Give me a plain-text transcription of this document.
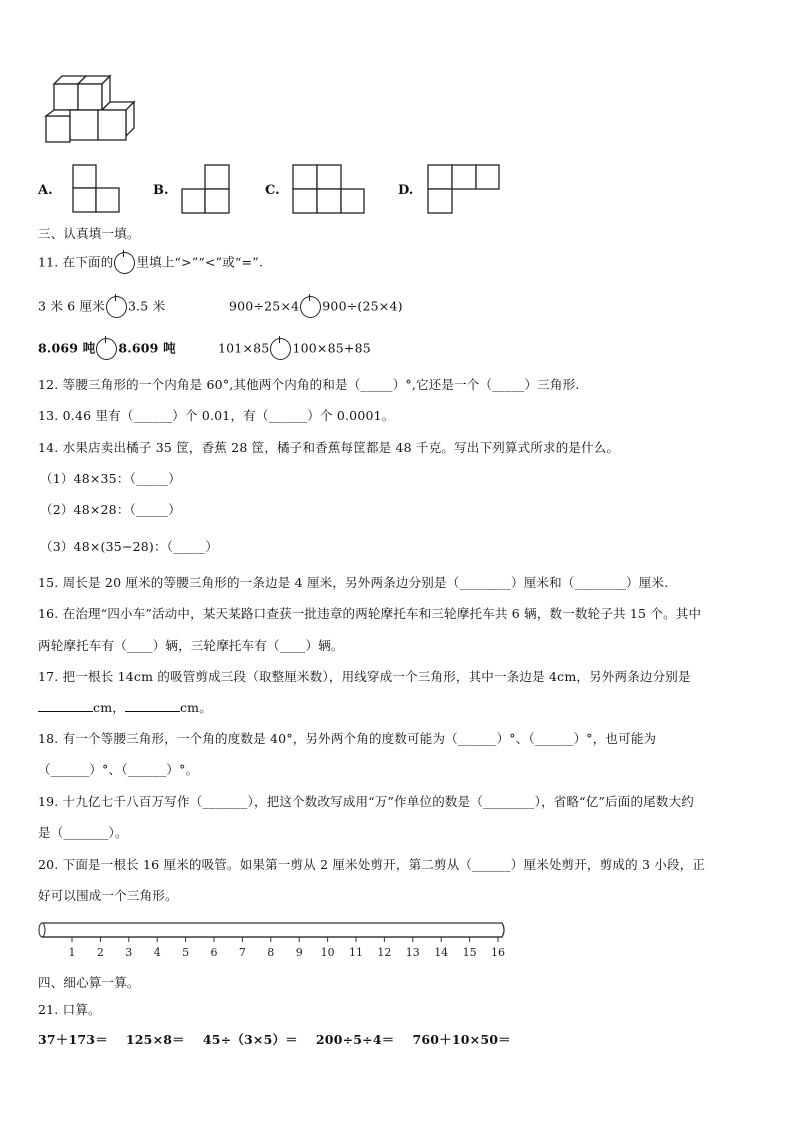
A.	B.	C.	D.
三、认真填一填。
11. 在下面的 里填上“>”“<”或“=”.
3 米 6 厘米 3.5 米	900÷25×4 900÷(25×4)
8.069 吨 8.609 吨	101×85 100×85+85
12. 等腰三角形的一个内角是 60°,其他两个内角的和是（_____）°,它还是一个（_____）三角形.
13. 0.46 里有（______）个 0.01，有（______）个 0.0001。
14. 水果店卖出橘子 35 筐，香蕉 28 筐，橘子和香蕉每筐都是 48 千克。写出下列算式所求的是什么。
（1）48×35：（_____）
（2）48×28：（_____）
（3）48×(35−28)：（_____）
15. 周长是 20 厘米的等腰三角形的一条边是 4 厘米，另外两条边分别是（________）厘米和（________）厘米.
16. 在治理“四小车”活动中，某天某路口查获一批违章的两轮摩托车和三轮摩托车共 6 辆，数一数轮子共 15 个。其中
两轮摩托车有（____）辆，三轮摩托车有（____）辆。
17. 把一根长 14cm 的吸管剪成三段（取整厘米数），用线穿成一个三角形，其中一条边是 4cm，另外两条边分别是
cm，	cm。
18. 有一个等腰三角形，一个角的度数是 40°，另外两个角的度数可能为（______）°、（______）°，也可能为
（______）°、（______）°。
19. 十九亿七千八百万写作（_______），把这个数改写成用“万”作单位的数是（________），省略“亿”后面的尾数大约
是（_______）。
20. 下面是一根长 16 厘米的吸管。如果第一剪从 2 厘米处剪开，第二剪从（______）厘米处剪开，剪成的 3 小段，正
好可以围成一个三角形。
1 2 3 4 5 6 7 8 9 10 11 12 13 14 15 16
四、细心算一算。
21. 口算。
37＋173＝ 125×8＝ 45÷（3×5）＝ 200÷5÷4＝ 760＋10×50＝
